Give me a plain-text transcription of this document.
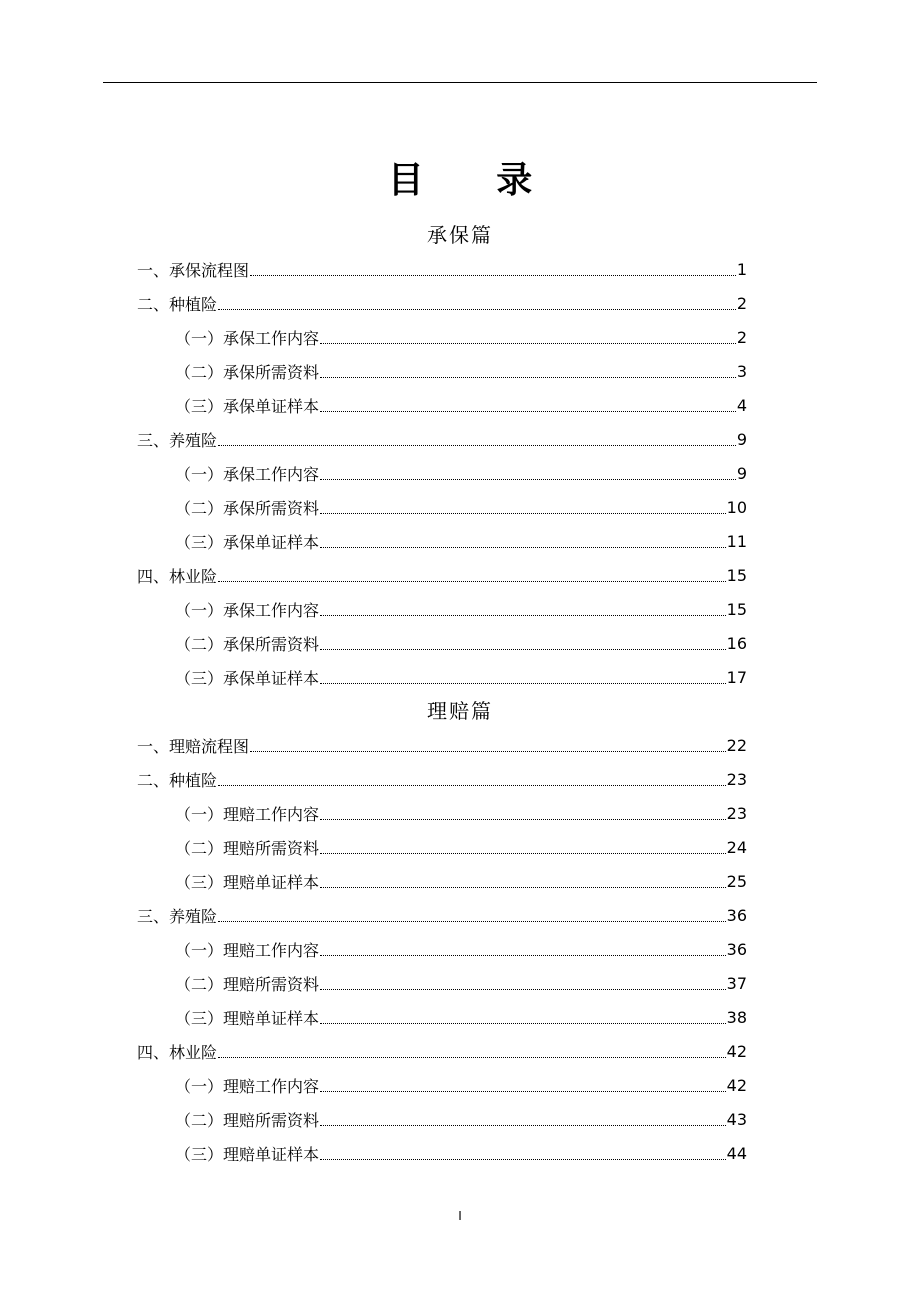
目 录
承保篇
一、承保流程图	1
二、种植险	2
（一）承保工作内容	2
（二）承保所需资料	3
（三）承保单证样本	4
三、养殖险	9
（一）承保工作内容	9
（二）承保所需资料	10
（三）承保单证样本	11
四、林业险	15
（一）承保工作内容	15
（二）承保所需资料	16
（三）承保单证样本	17
理赔篇
一、理赔流程图	22
二、种植险	23
（一）理赔工作内容	23
（二）理赔所需资料	24
（三）理赔单证样本	25
三、养殖险	36
（一）理赔工作内容	36
（二）理赔所需资料	37
（三）理赔单证样本	38
四、林业险	42
（一）理赔工作内容	42
（二）理赔所需资料	43
（三）理赔单证样本	44
I
